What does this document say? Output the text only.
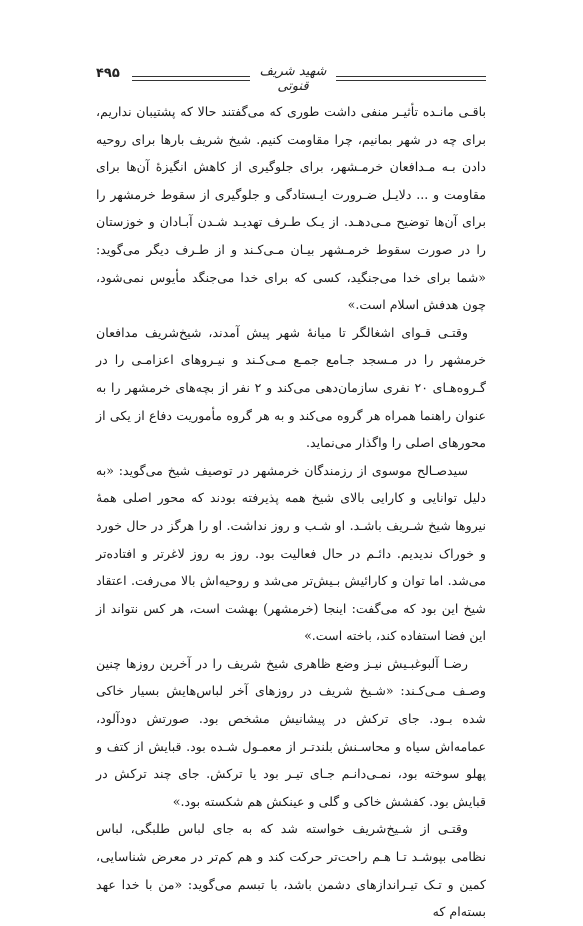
۴۹۵	شهید شریف قنوتی

باقـی مانـده تأثیـر منفی داشت طوری که می‌گفتند حالا که پشتیبان نداریم، برای چه در شهر بمانیم، چرا مقاومت کنیم. شیخ شریف بارها برای روحیه دادن بـه مـدافعان خرمـشهر، برای جلوگیری از کاهش انگیزهٔ آن‌ها برای مقاومت و ... دلایـل ضـرورت ایـستادگی و جلوگیری از سقوط خرمشهر را برای آن‌ها توضیح مـی‌دهـد. از یـک طـرف تهدیـد شـدن آبـادان و خوزستان را در صورت سقوط خرمـشهر بیـان مـی‌کـند و از طـرف دیگر می‌گوید: «شما برای خدا می‌جنگید، کسی که برای خدا می‌جنگد مأیوس نمی‌شود، چون هدفش اسلام است.»

وقتـی قـوای اشغالگر تا میانهٔ شهر پیش آمدند، شیخ‌شریف مدافعان خرمشهر را در مـسجد جـامع جمـع مـی‌کـند و نیـروهای اعزامـی را در گـروه‌هـای ۲۰ نفری سازمان‌دهی می‌کند و ۲ نفر از بچه‌های خرمشهر را به عنوان راهنما همراه هر گروه می‌کند و به هر گروه مأموریت دفاع از یکی از محورهای اصلی را واگذار می‌نماید.

سیدصـالح موسوی از رزمندگان خرمشهر در توصیف شیخ می‌گوید: «به دلیل توانایی و کارایی بالای شیخ همه پذیرفته بودند که محور اصلی همهٔ نیروها شیخ شـریف باشـد. او شـب و روز نداشت. او را هرگز در حال خورد و خوراک ندیدیم. دائـم در حال فعالیت بود. روز به روز لاغرتر و افتاده‌تر می‌شد. اما توان و کارائیش بـیش‌تر می‌شد و روحیه‌اش بالا می‌رفت. اعتقاد شیخ این بود که می‌گفت: اینجا (خرمشهر) بهشت است، هر کس نتواند از این فضا استفاده کند، باخته است.»

رضـا آلبوغبـیش نیـز وضع ظاهری شیخ شریف را در آخرین روزها چنین وصـف مـی‌کـند: «شـیخ شریف در روزهای آخر لباس‌هایش بسیار خاکی شده بـود. جای ترکش در پیشانیش مشخص بود. صورتش دودآلود، عمامه‌اش سیاه و محاسـنش بلندتـر از معمـول شـده بود. قبایش از کتف و پهلو سوخته بود، نمـی‌دانـم جـای تیـر بود یا ترکش. جای چند ترکش در قبایش بود. کفشش خاکی و گلی و عینکش هم شکسته بود.»

وقتـی از شـیخ‌شریف خواسته شد که به جای لباس طلبگی، لباس نظامی بپوشـد تـا هـم راحت‌تر حرکت کند و هم کم‌تر در معرض شناسایی، کمین و تـک تیـراندازهای دشمن باشد، با تبسم می‌گوید: «من با خدا عهد بسته‌ام که
